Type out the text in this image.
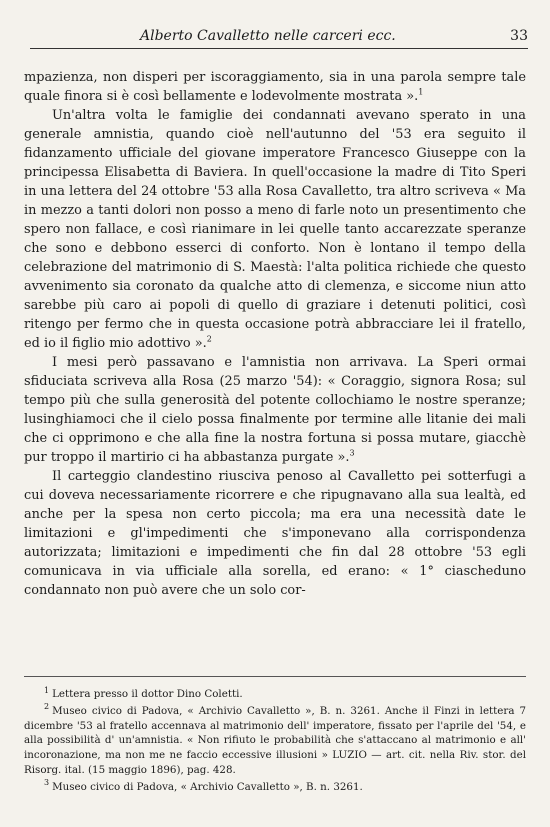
Alberto Cavalletto nelle carceri ecc.	33

mpazienza, non disperi per iscoraggiamento, sia in una parola sempre tale quale finora si è così bellamente e lodevolmente mostrata ».$^1$

Un'altra volta le famiglie dei condannati avevano sperato in una generale amnistia, quando cioè nell'autunno del '53 era seguito il fidanzamento ufficiale del giovane imperatore Francesco Giuseppe con la principessa Elisabetta di Baviera. In quell'occasione la madre di Tito Speri in una lettera del 24 ottobre '53 alla Rosa Cavalletto, tra altro scriveva « Ma in mezzo a tanti dolori non posso a meno di farle noto un presentimento che spero non fallace, e così rianimare in lei quelle tanto accarezzate speranze che sono e debbono esserci di conforto. Non è lontano il tempo della celebrazione del matrimonio di S. Maestà: l'alta politica richiede che questo avvenimento sia coronato da qualche atto di clemenza, e siccome niun atto sarebbe più caro ai popoli di quello di graziare i detenuti politici, così ritengo per fermo che in questa occasione potrà abbracciare lei il fratello, ed io il figlio mio adottivo ».$^2$

I mesi però passavano e l'amnistia non arrivava. La Speri ormai sfiduciata scriveva alla Rosa (25 marzo '54): « Coraggio, signora Rosa; sul tempo più che sulla generosità del potente collochiamo le nostre speranze; lusinghiamoci che il cielo possa finalmente por termine alle litanie dei mali che ci opprimono e che alla fine la nostra fortuna si possa mutare, giacchè pur troppo il martirio ci ha abbastanza purgate ».$^3$

Il carteggio clandestino riusciva penoso al Cavalletto pei sotterfugi a cui doveva necessariamente ricorrere e che ripugnavano alla sua lealtà, ed anche per la spesa non certo piccola; ma era una necessità date le limitazioni e gl'impedimenti che s'imponevano alla corrispondenza autorizzata; limitazioni e impedimenti che fin dal 28 ottobre '53 egli comunicava in via ufficiale alla sorella, ed erano: « 1° ciascheduno condannato non può avere che un solo cor-

$^1$ Lettera presso il dottor Dino Coletti.

$^2$ Museo civico di Padova, « Archivio Cavalletto », B. n. 3261. Anche il Finzi in lettera 7 dicembre '53 al fratello accennava al matrimonio dell' imperatore, fissato per l'aprile del '54, e alla possibilità d' un'amnistia. « Non rifiuto le probabilità che s'attaccano al matrimonio e all' incoronazione, ma non me ne faccio eccessive illusioni » LUZIO — art. cit. nella Riv. stor. del Risorg. ital. (15 maggio 1896), pag. 428.

$^3$ Museo civico di Padova, « Archivio Cavalletto », B. n. 3261.
